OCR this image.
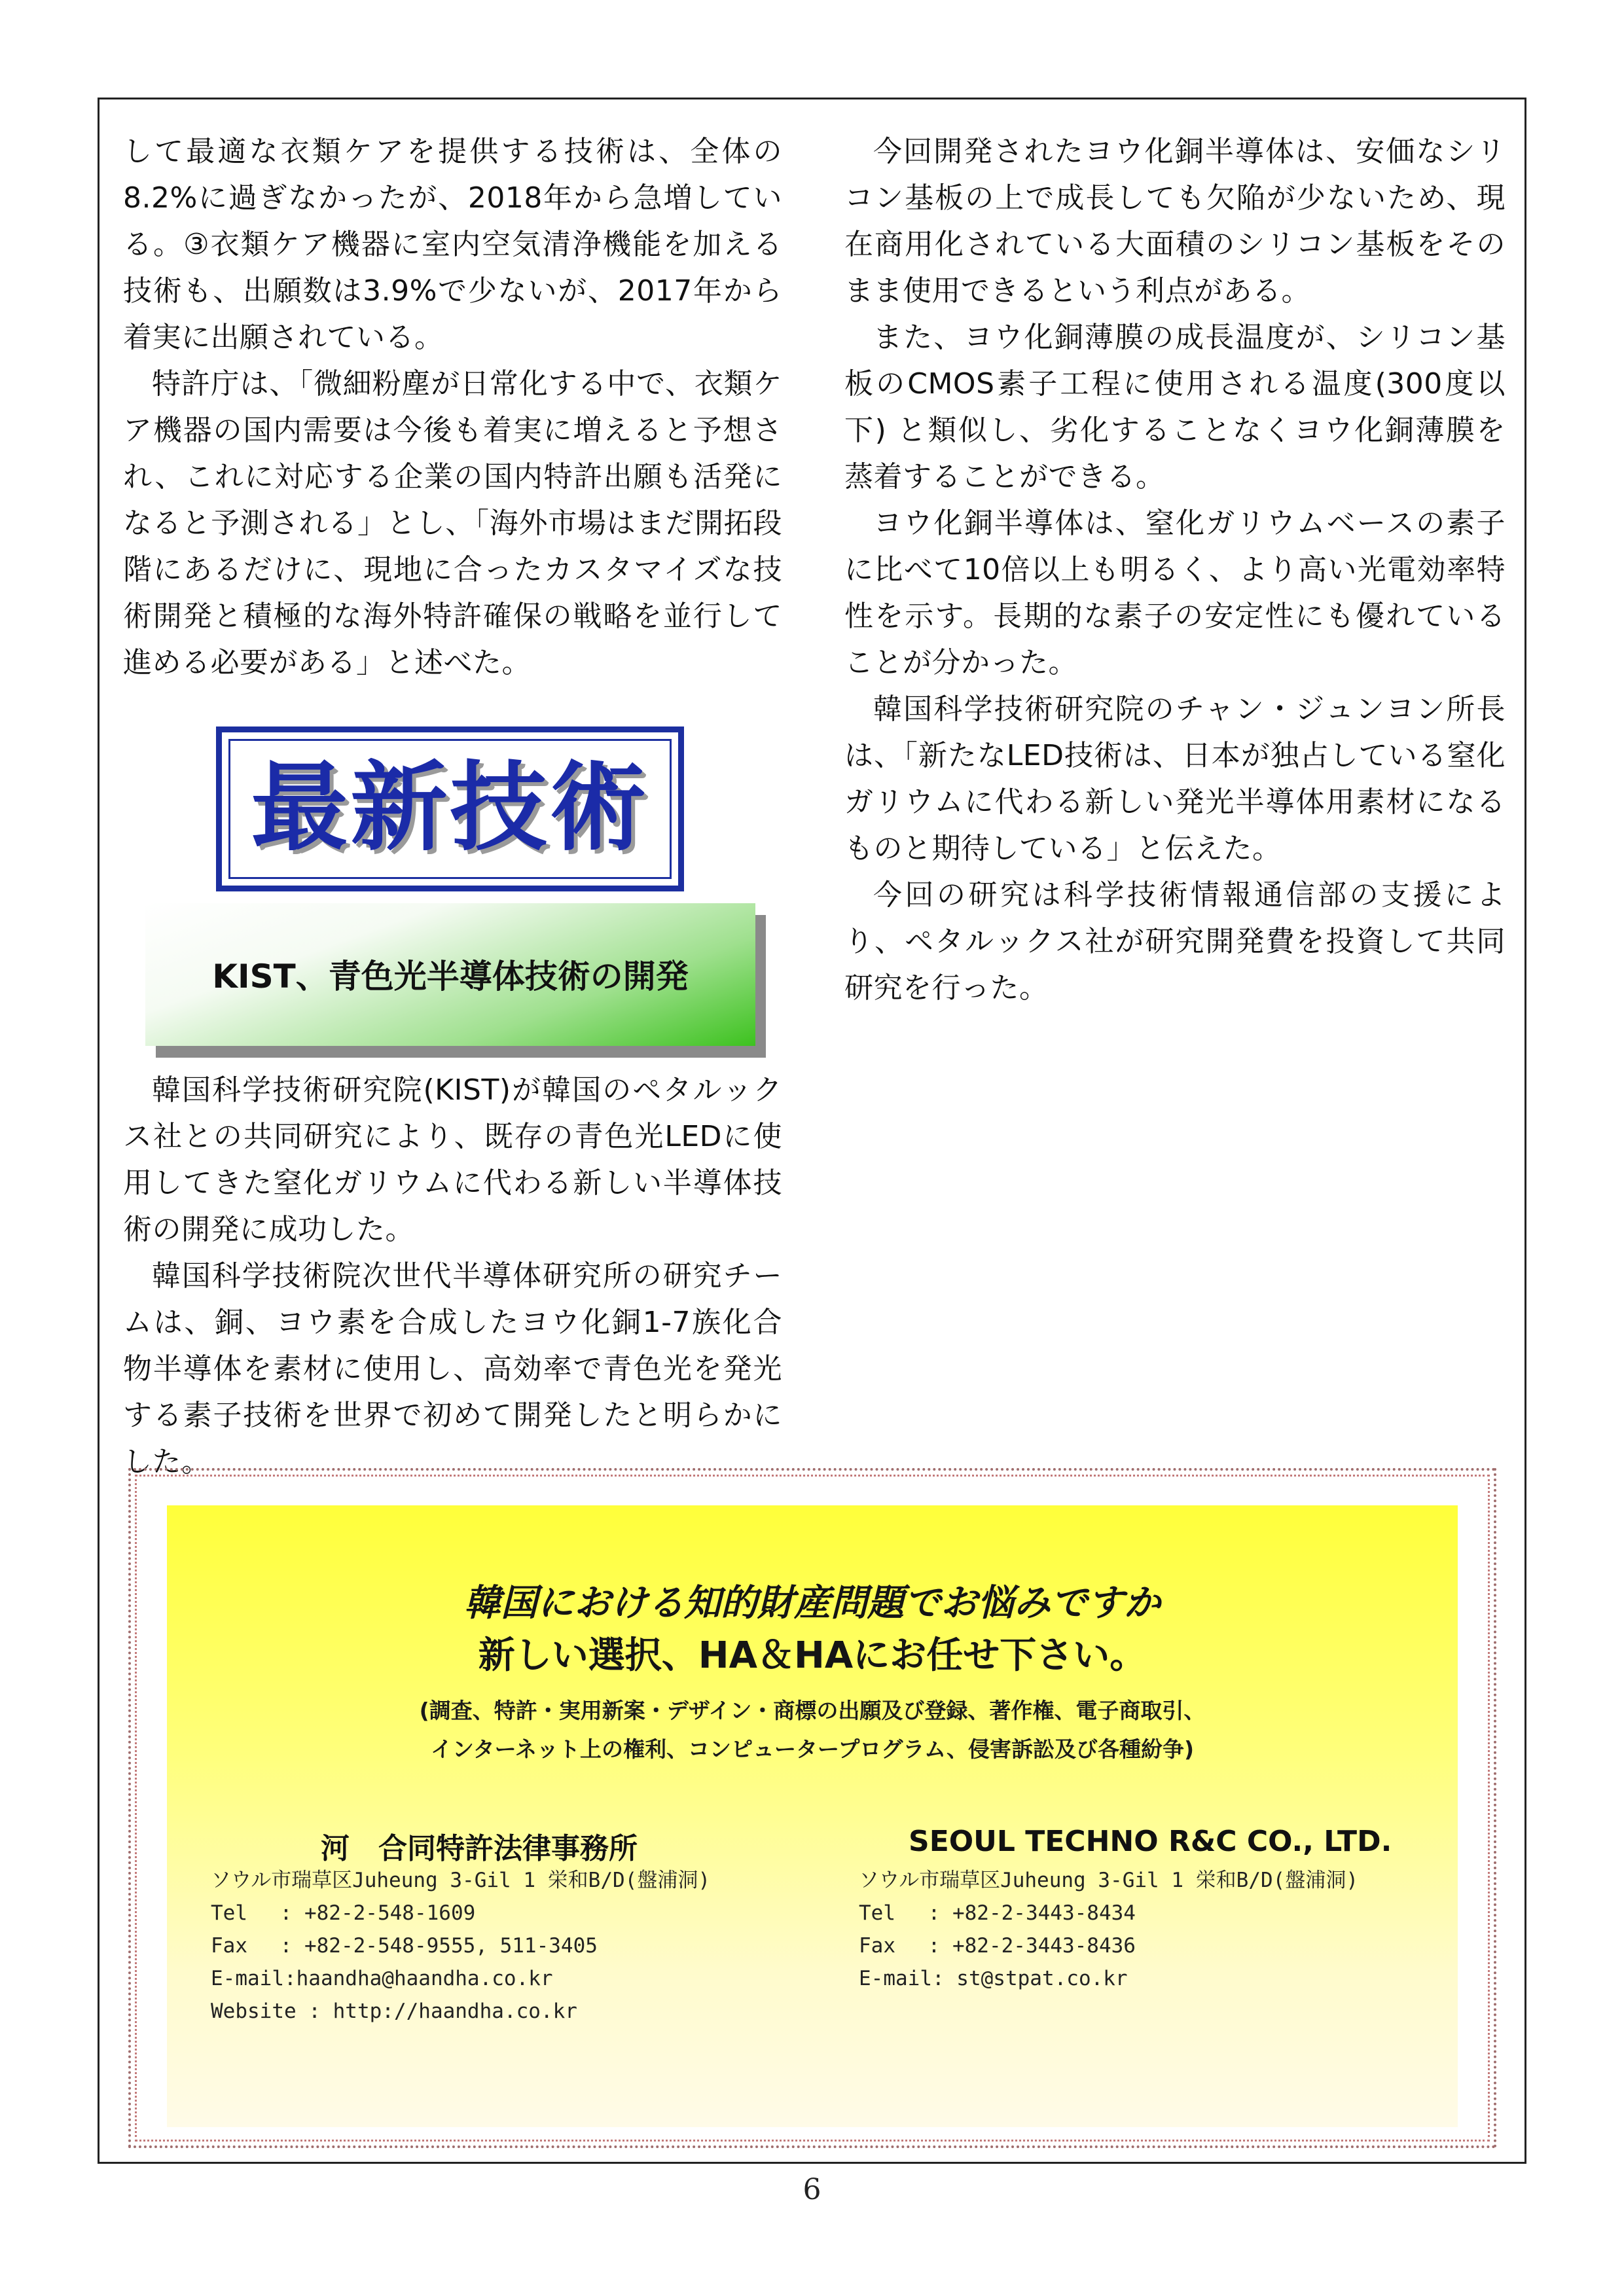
して最適な衣類ケアを提供する技術は、全体の8.2%に過ぎなかったが、2018年から急増している。③衣類ケア機器に室内空気清浄機能を加える技術も、出願数は3.9%で少ないが、2017年から着実に出願されている。

特許庁は、「微細粉塵が日常化する中で、衣類ケア機器の国内需要は今後も着実に増えると予想され、これに対応する企業の国内特許出願も活発になると予測される」とし、「海外市場はまだ開拓段階にあるだけに、現地に合ったカスタマイズな技術開発と積極的な海外特許確保の戦略を並行して進める必要がある」と述べた。

最新技術
KIST、青色光半導体技術の開発

韓国科学技術研究院(KIST)が韓国のペタルックス社との共同研究により、既存の青色光LEDに使用してきた窒化ガリウムに代わる新しい半導体技術の開発に成功した。

韓国科学技術院次世代半導体研究所の研究チームは、銅、ヨウ素を合成したヨウ化銅1-7族化合物半導体を素材に使用し、高効率で青色光を発光する素子技術を世界で初めて開発したと明らかにした。

今回開発されたヨウ化銅半導体は、安価なシリコン基板の上で成長しても欠陥が少ないため、現在商用化されている大面積のシリコン基板をそのまま使用できるという利点がある。

また、ヨウ化銅薄膜の成長温度が、シリコン基板のCMOS素子工程に使用される温度(300度以下) と類似し、劣化することなくヨウ化銅薄膜を蒸着することができる。

ヨウ化銅半導体は、窒化ガリウムベースの素子に比べて10倍以上も明るく、より高い光電効率特性を示す。長期的な素子の安定性にも優れていることが分かった。

韓国科学技術研究院のチャン・ジュンヨン所長は、「新たなLED技術は、日本が独占している窒化ガリウムに代わる新しい発光半導体用素材になるものと期待している」と伝えた。

今回の研究は科学技術情報通信部の支援により、ペタルックス社が研究開発費を投資して共同研究を行った。

韓国における知的財産問題でお悩みですか
新しい選択、HA＆HAにお任せ下さい。
(調査、特許・実用新案・デザイン・商標の出願及び登録、著作権、電子商取引、
インターネット上の権利、コンピュータープログラム、侵害訴訟及び各種紛争)
河　合同特許法律事務所
ソウル市瑞草区Juheung 3-Gil 1 栄和B/D(盤浦洞)
Tel　 : +82-2-548-1609
Fax　 : +82-2-548-9555, 511-3405
E-mail:haandha@haandha.co.kr
Website : http://haandha.co.kr
SEOUL TECHNO R&C CO., LTD.
ソウル市瑞草区Juheung 3-Gil 1 栄和B/D(盤浦洞)
Tel　 : +82-2-3443-8434
Fax　 : +82-2-3443-8436
E-mail: st@stpat.co.kr
6
